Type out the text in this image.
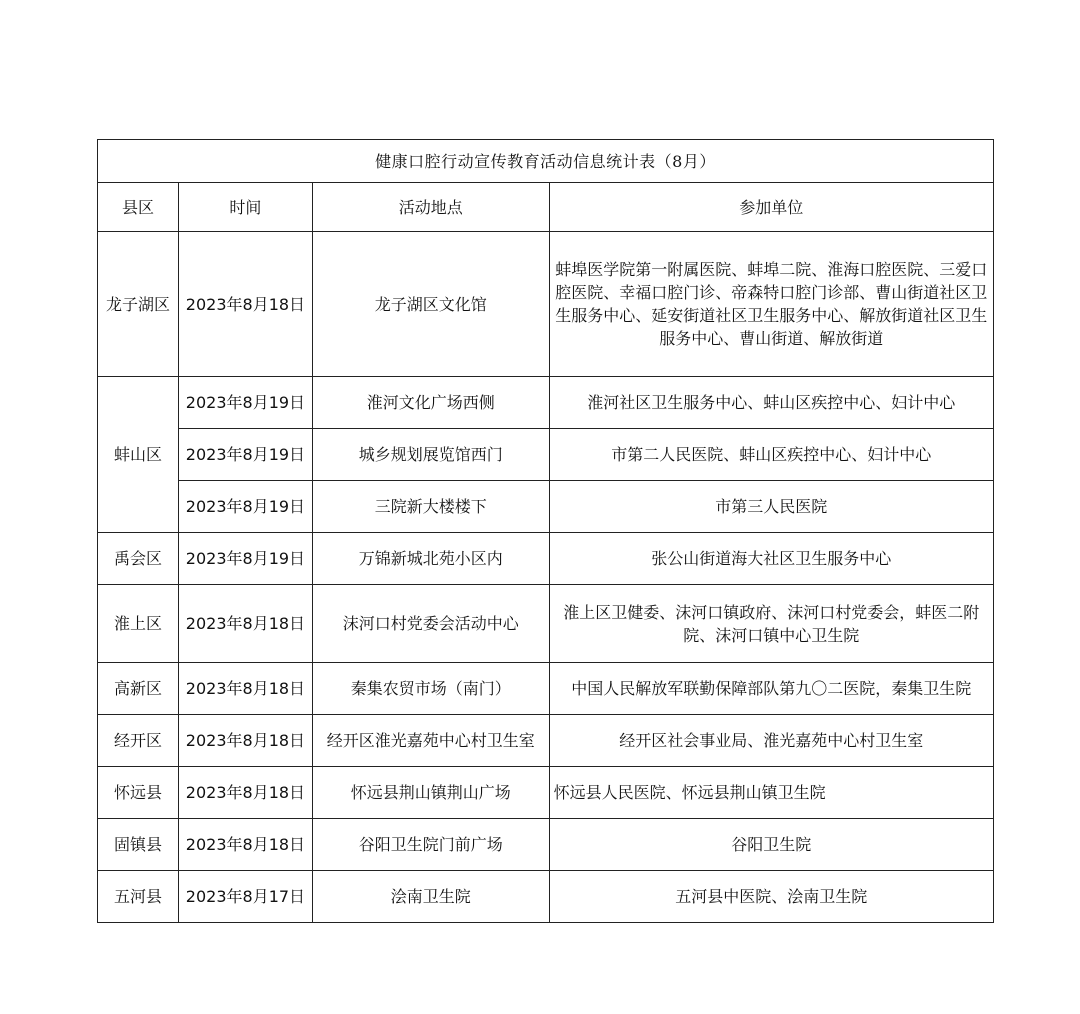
健康口腔行动宣传教育活动信息统计表（8月）			
县区	时间	活动地点	参加单位
龙子湖区	2023年8月18日	龙子湖区文化馆	蚌埠医学院第一附属医院、蚌埠二院、淮海口腔医院、三爱口腔医院、幸福口腔门诊、帝森特口腔门诊部、曹山街道社区卫生服务中心、延安街道社区卫生服务中心、解放街道社区卫生服务中心、曹山街道、解放街道
蚌山区	2023年8月19日	淮河文化广场西侧	淮河社区卫生服务中心、蚌山区疾控中心、妇计中心
	2023年8月19日	城乡规划展览馆西门	市第二人民医院、蚌山区疾控中心、妇计中心
	2023年8月19日	三院新大楼楼下	市第三人民医院
禹会区	2023年8月19日	万锦新城北苑小区内	张公山街道海大社区卫生服务中心
淮上区	2023年8月18日	沫河口村党委会活动中心	淮上区卫健委、沫河口镇政府、沫河口村党委会，蚌医二附院、沫河口镇中心卫生院
高新区	2023年8月18日	秦集农贸市场（南门）	中国人民解放军联勤保障部队第九〇二医院，秦集卫生院
经开区	2023年8月18日	经开区淮光嘉苑中心村卫生室	经开区社会事业局、淮光嘉苑中心村卫生室
怀远县	2023年8月18日	怀远县荆山镇荆山广场	怀远县人民医院、怀远县荆山镇卫生院
固镇县	2023年8月18日	谷阳卫生院门前广场	谷阳卫生院
五河县	2023年8月17日	浍南卫生院	五河县中医院、浍南卫生院
